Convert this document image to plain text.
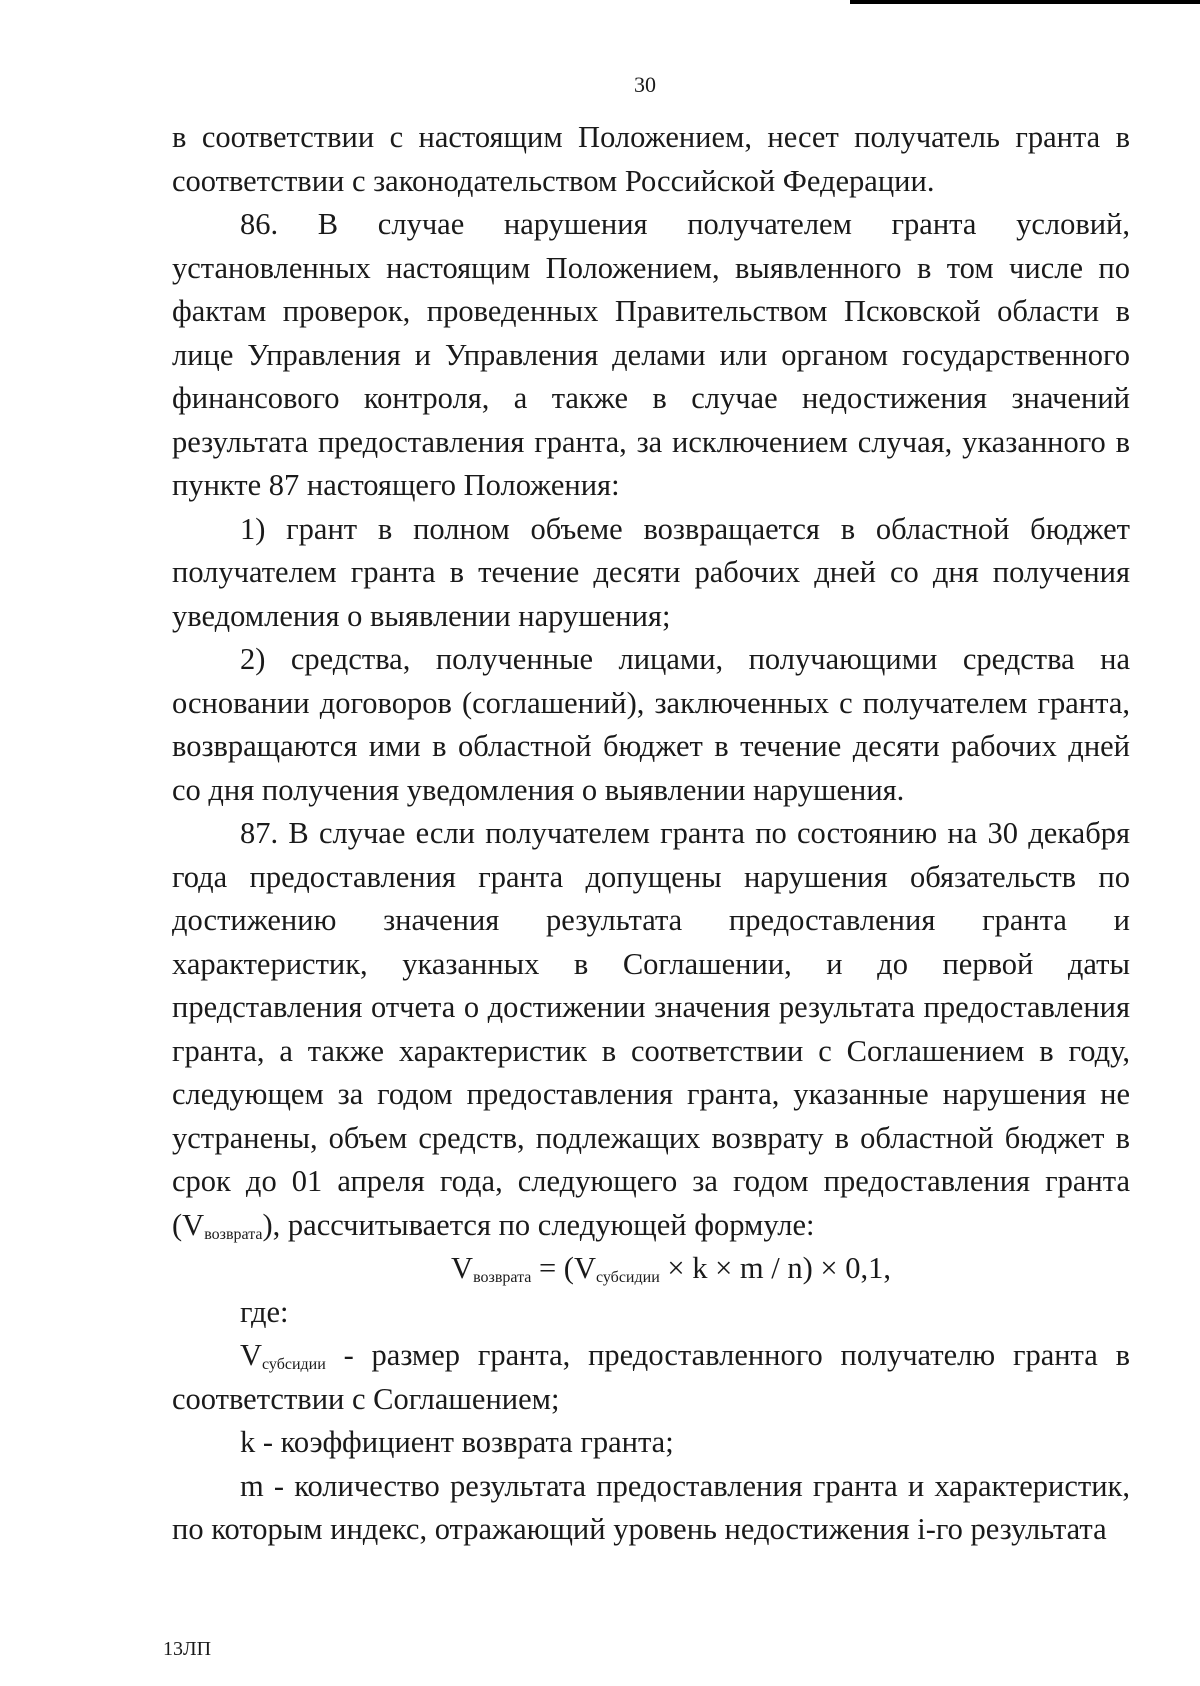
30

в соответствии с настоящим Положением, несет получатель гранта в соответствии с законодательством Российской Федерации.

86. В случае нарушения получателем гранта условий, установленных настоящим Положением, выявленного в том числе по фактам проверок, проведенных Правительством Псковской области в лице Управления и Управления делами или органом государственного финансового контроля, а также в случае недостижения значений результата предоставления гранта, за исключением случая, указанного в пункте 87 настоящего Положения:

1) грант в полном объеме возвращается в областной бюджет получателем гранта в течение десяти рабочих дней со дня получения уведомления о выявлении нарушения;

2) средства, полученные лицами, получающими средства на основании договоров (соглашений), заключенных с получателем гранта, возвращаются ими в областной бюджет в течение десяти рабочих дней со дня получения уведомления о выявлении нарушения.

87. В случае если получателем гранта по состоянию на 30 декабря года предоставления гранта допущены нарушения обязательств по достижению значения результата предоставления гранта и характеристик, указанных в Соглашении, и до первой даты представления отчета о достижении значения результата предоставления гранта, а также характеристик в соответствии с Соглашением в году, следующем за годом предоставления гранта, указанные нарушения не устранены, объем средств, подлежащих возврату в областной бюджет в срок до 01 апреля года, следующего за годом предоставления гранта $(V_{возврата})$, рассчитывается по следующей формуле:

$V_{возврата} = (V_{субсидии} \times k \times m / n) \times 0,1$,

где:

$V_{субсидии}$ - размер гранта, предоставленного получателю гранта в соответствии с Соглашением;

k - коэффициент возврата гранта;

m - количество результата предоставления гранта и характеристик, по которым индекс, отражающий уровень недостижения i-го результата

13ЛП
